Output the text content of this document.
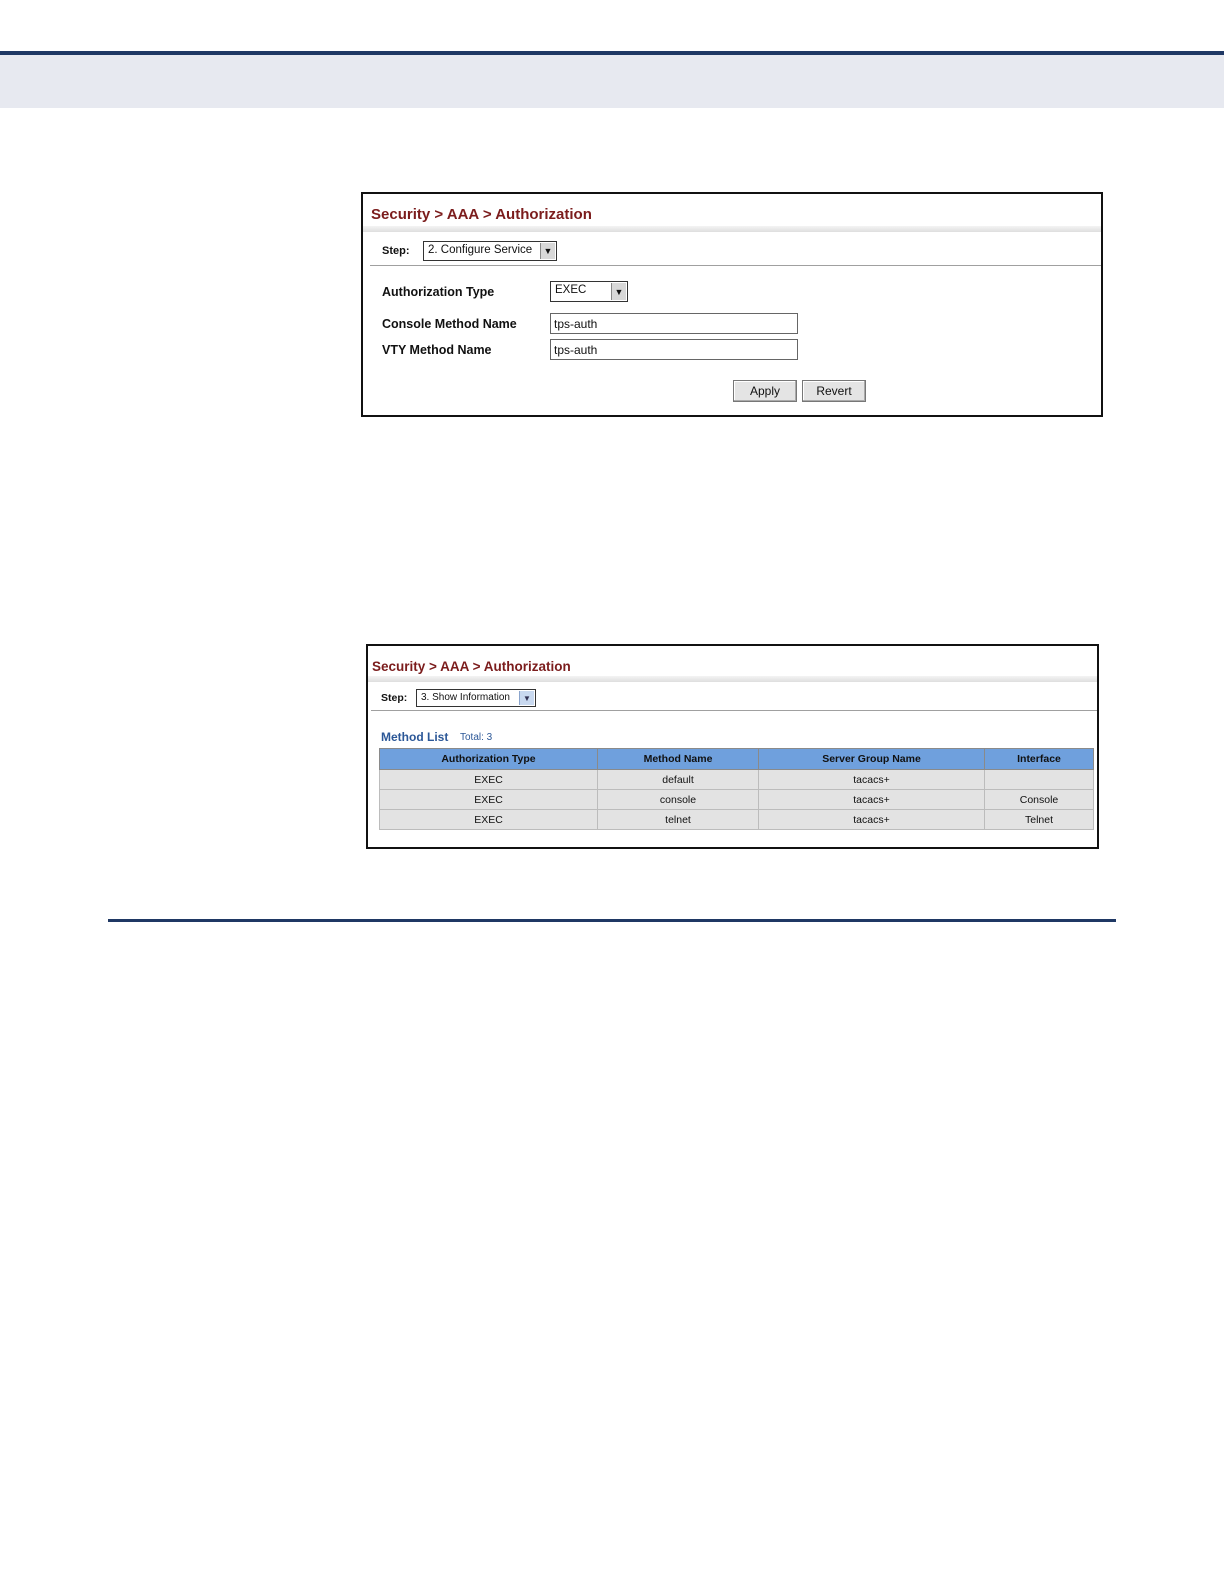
Security > AAA > Authorization
Step: 2. Configure Service	▼
Authorization Type	EXEC	▼
Console Method Name
tps-auth
VTY Method Name
tps-auth
Apply	Revert
Security > AAA > Authorization
Step: 3. Show Information	▼
Method List Total: 3
Authorization Type	Method Name	Server Group Name	Interface
EXEC	default	tacacs+	
EXEC	console	tacacs+	Console
EXEC	telnet	tacacs+	Telnet
